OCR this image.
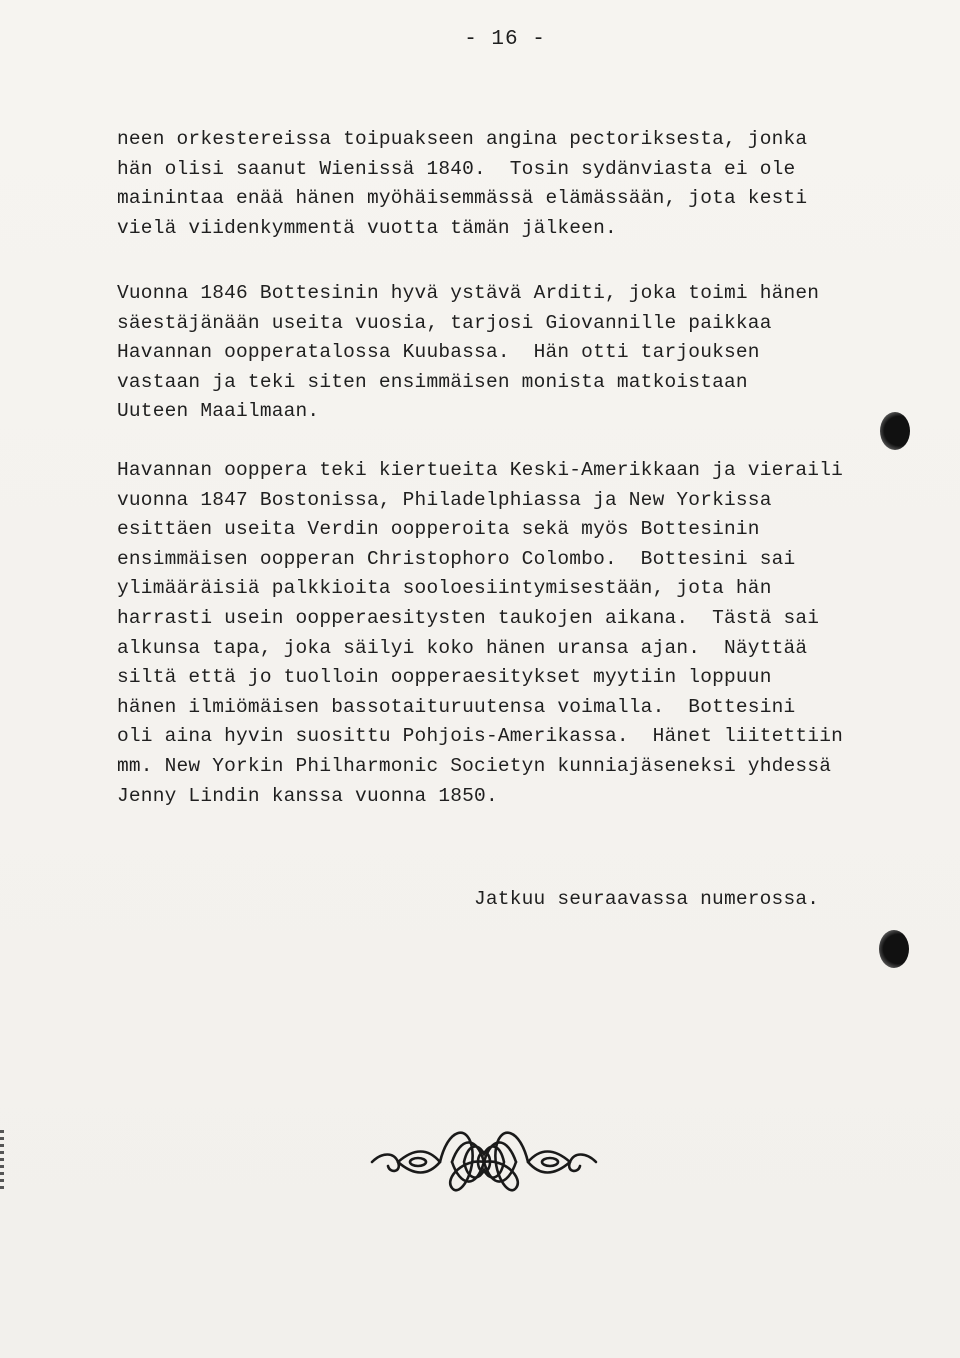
- 16 -

neen orkestereissa toipuakseen angina pectoriksesta, jonka
hän olisi saanut Wienissä 1840.  Tosin sydänviasta ei ole
mainintaa enää hänen myöhäisemmässä elämässään, jota kesti
vielä viidenkymmentä vuotta tämän jälkeen.

Vuonna 1846 Bottesinin hyvä ystävä Arditi, joka toimi hänen
säestäjänään useita vuosia, tarjosi Giovannille paikkaa
Havannan oopperatalossa Kuubassa.  Hän otti tarjouksen
vastaan ja teki siten ensimmäisen monista matkoistaan
Uuteen Maailmaan.

Havannan ooppera teki kiertueita Keski-Amerikkaan ja vieraili
vuonna 1847 Bostonissa, Philadelphiassa ja New Yorkissa
esittäen useita Verdin oopperoita sekä myös Bottesinin
ensimmäisen oopperan Christophoro Colombo.  Bottesini sai
ylimääräisiä palkkioita sooloesiintymisestään, jota hän
harrasti usein oopperaesitysten taukojen aikana.  Tästä sai
alkunsa tapa, joka säilyi koko hänen uransa ajan.  Näyttää
siltä että jo tuolloin oopperaesitykset myytiin loppuun
hänen ilmiömäisen bassotaituruutensa voimalla.  Bottesini
oli aina hyvin suosittu Pohjois-Amerikassa.  Hänet liitettiin
mm. New Yorkin Philharmonic Societyn kunniajäseneksi yhdessä
Jenny Lindin kanssa vuonna 1850.

Jatkuu seuraavassa numerossa.
